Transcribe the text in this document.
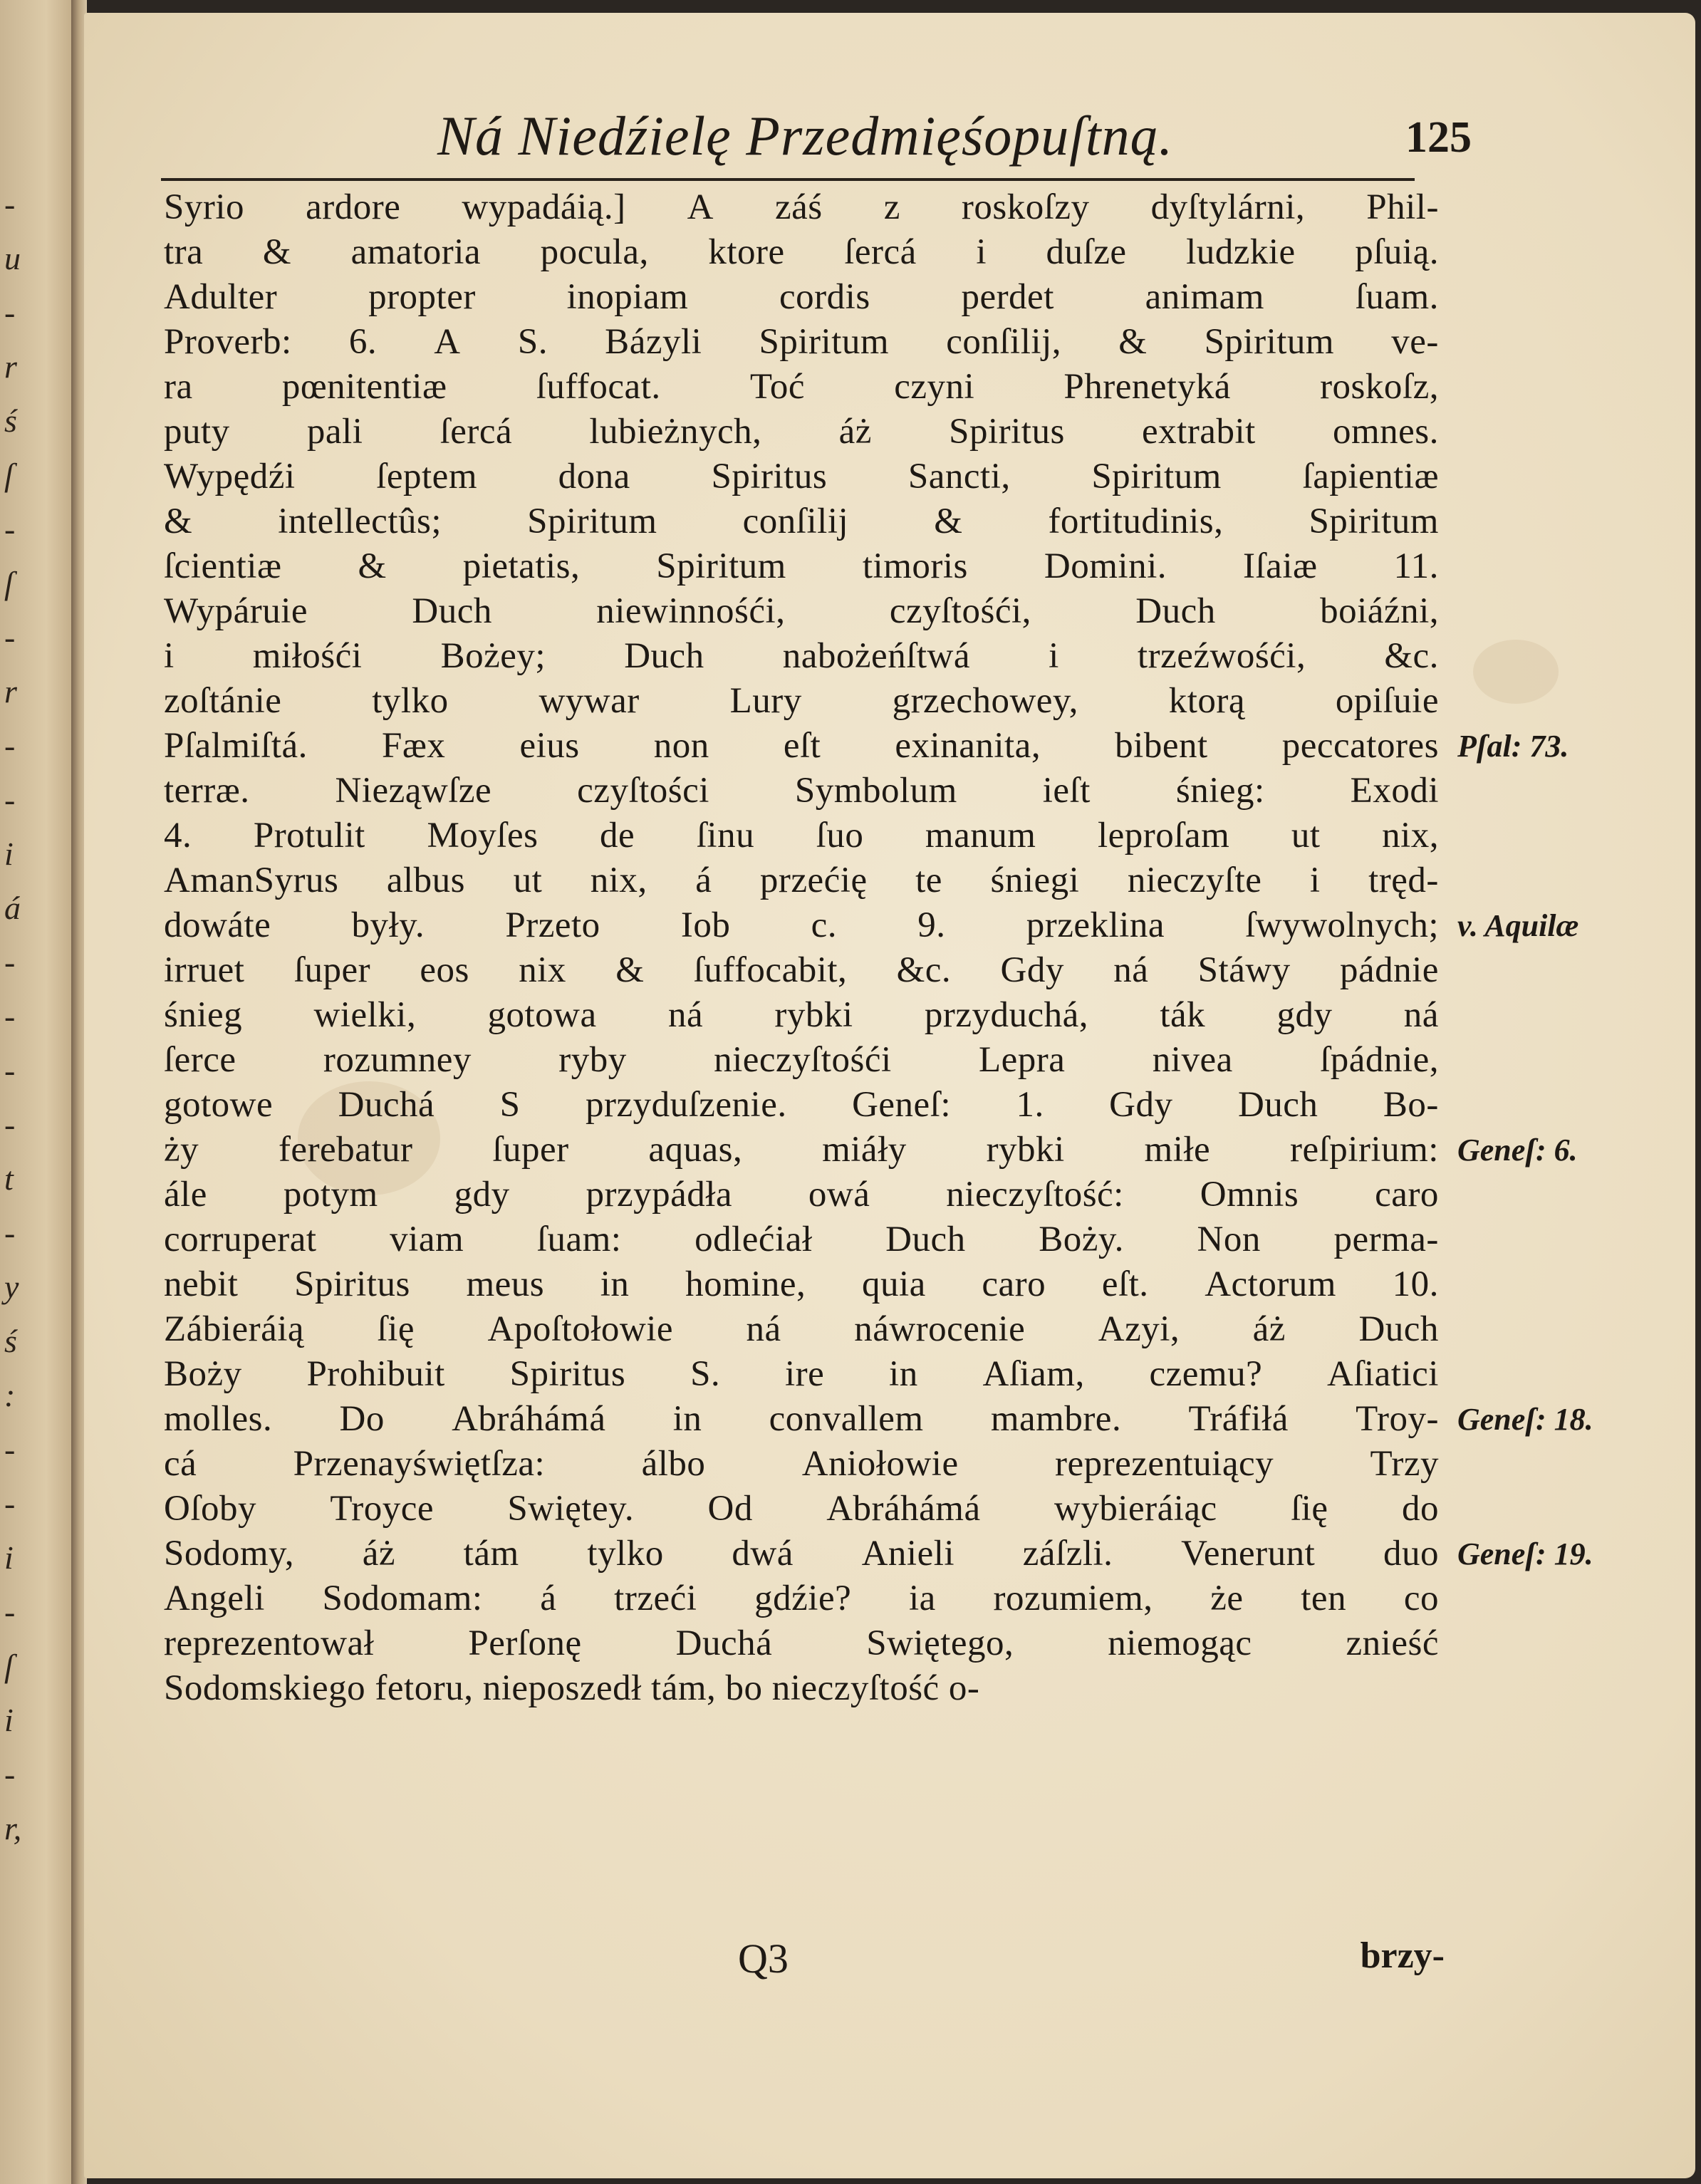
-
u
-
r
ś
ſ
-
ſ
-
r
-
-
i
á
-
-
-
-
t
-
y
ś
:
-
-
i
-
ſ
i
-
r,
Ná Niedźielę Przedmięśopuſtną.	125
Syrio ardore wypadáią.] A záś z roskoſzy dyſtylárni, Phil-
tra & amatoria pocula, ktore ſercá i duſze ludzkie pſuią.
Adulter	propter	inopiam	cordis	perdet	animam	ſuam.
Proverb: 6. A S. Bázyli Spiritum conſilij, & Spiritum ve-
ra pœnitentiæ ſuffocat. Toć czyni Phrenetyká roskoſz,
puty pali ſercá lubieżnych, áż Spiritus extrabit omnes.
Wypędźi ſeptem dona Spiritus Sancti, Spiritum ſapientiæ
& intellectûs; Spiritum conſilij & fortitudinis, Spiritum
ſcientiæ & pietatis, Spiritum timoris Domini. Iſaiæ 11.
Wypáruie	Duch	niewinnośći,	czyſtośći,	Duch	boiáźni,
i miłośći Bożey; Duch nabożeńſtwá i trzeźwośći, &c.
zoſtánie tylko wywar Lury grzechowey, ktorą opiſuie
Pſalmiſtá. Fæx eius non eſt exinanita, bibent peccatores
terræ. Nieząwſze czyſtości Symbolum ieſt śnieg: Exodi
4. Protulit Moyſes de ſinu ſuo manum leproſam ut nix,
AmanSyrus albus ut nix, á przećię te śniegi nieczyſte i tręd-
dowáte były. Przeto Iob c. 9. przeklina ſwywolnych;
irruet ſuper eos nix & ſuffocabit, &c. Gdy ná Stáwy pádnie
śnieg wielki, gotowa ná rybki przyduchá, ták gdy ná
ſerce rozumney ryby nieczyſtośći Lepra nivea ſpádnie,
gotowe Duchá S przyduſzenie. Geneſ: 1. Gdy Duch Bo-
ży ferebatur ſuper aquas, miáły rybki miłe reſpirium:
ále potym gdy przypádła owá nieczyſtość: Omnis caro
corruperat viam ſuam: odlećiał Duch Boży. Non perma-
nebit Spiritus meus in homine, quia caro eſt. Actorum 10.
Zábieráią ſię Apoſtołowie ná náwrocenie Azyi, áż Duch
Boży Prohibuit Spiritus S. ire in Aſiam, czemu? Aſiatici
molles. Do Abráhámá in convallem mambre. Tráfiłá Troy-
cá	Przenayświętſza:	álbo	Aniołowie	reprezentuiący	Trzy
Oſoby Troyce Swiętey. Od Abráhámá wybieráiąc ſię do
Sodomy, áż tám tylko dwá Anieli záſzli. Venerunt duo
Angeli Sodomam: á trzeći gdźie? ia rozumiem, że ten co
reprezentował	Perſonę	Duchá	Swiętego,	niemogąc	znieść
Sodomskiego fetoru, nieposzedł tám, bo nieczyſtość o-
Pſal: 73.
v. Aquilæ
Geneſ: 6.
Geneſ: 18.
Geneſ: 19.
Q3	brzy-
